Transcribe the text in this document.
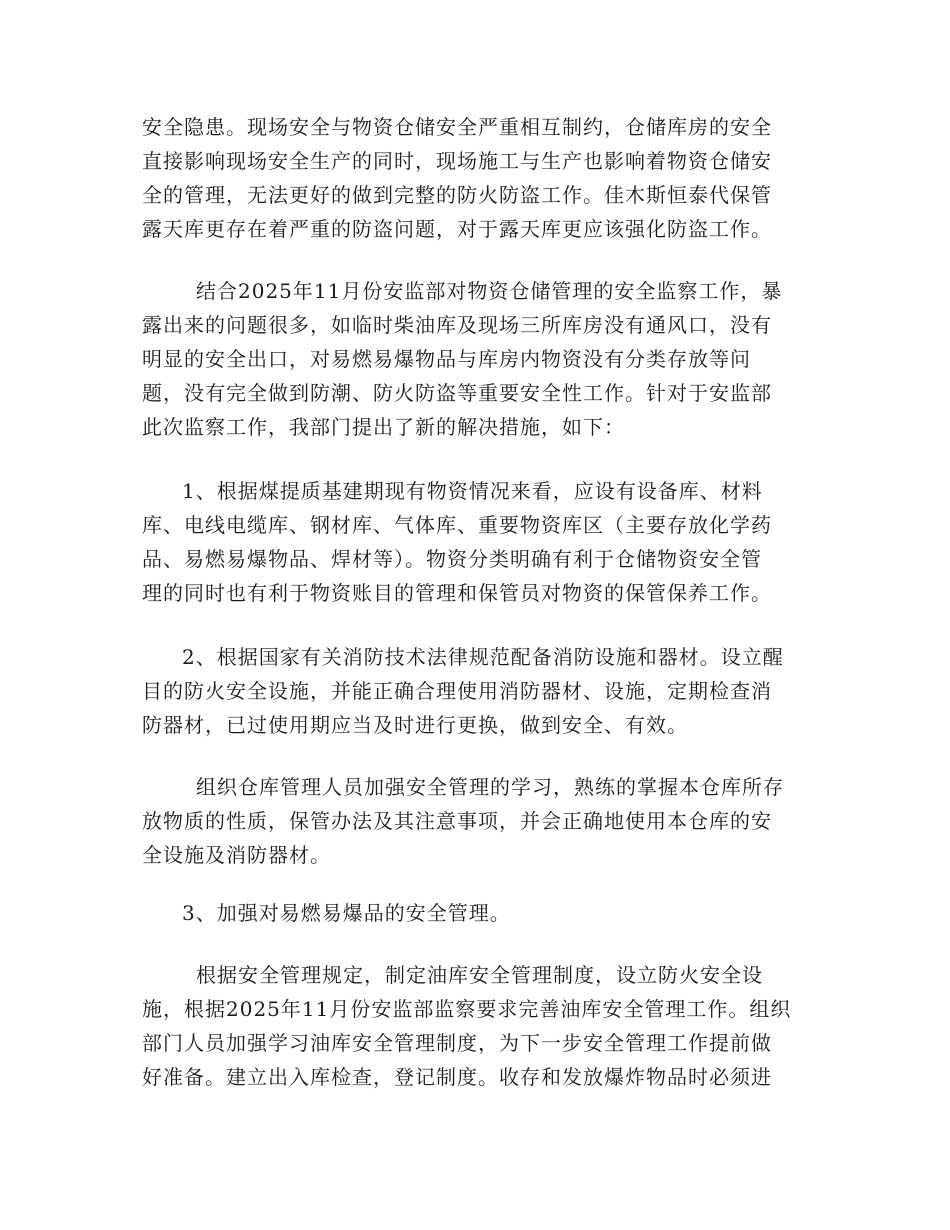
安全隐患。现场安全与物资仓储安全严重相互制约，仓储库房的安全
直接影响现场安全生产的同时，现场施工与生产也影响着物资仓储安
全的管理，无法更好的做到完整的防火防盗工作。佳木斯恒泰代保管
露天库更存在着严重的防盗问题，对于露天库更应该强化防盗工作。

结合2025年11月份安监部对物资仓储管理的安全监察工作，暴
露出来的问题很多，如临时柴油库及现场三所库房没有通风口，没有
明显的安全出口，对易燃易爆物品与库房内物资没有分类存放等问
题，没有完全做到防潮、防火防盗等重要安全性工作。针对于安监部
此次监察工作，我部门提出了新的解决措施，如下：

1、根据煤提质基建期现有物资情况来看，应设有设备库、材料
库、电线电缆库、钢材库、气体库、重要物资库区（主要存放化学药
品、易燃易爆物品、焊材等）。物资分类明确有利于仓储物资安全管
理的同时也有利于物资账目的管理和保管员对物资的保管保养工作。

2、根据国家有关消防技术法律规范配备消防设施和器材。设立醒
目的防火安全设施，并能正确合理使用消防器材、设施，定期检查消
防器材，已过使用期应当及时进行更换，做到安全、有效。

组织仓库管理人员加强安全管理的学习，熟练的掌握本仓库所存
放物质的性质，保管办法及其注意事项，并会正确地使用本仓库的安
全设施及消防器材。

3、加强对易燃易爆品的安全管理。

根据安全管理规定，制定油库安全管理制度，设立防火安全设
施，根据2025年11月份安监部监察要求完善油库安全管理工作。组织
部门人员加强学习油库安全管理制度，为下一步安全管理工作提前做
好准备。建立出入库检查，登记制度。收存和发放爆炸物品时必须进
